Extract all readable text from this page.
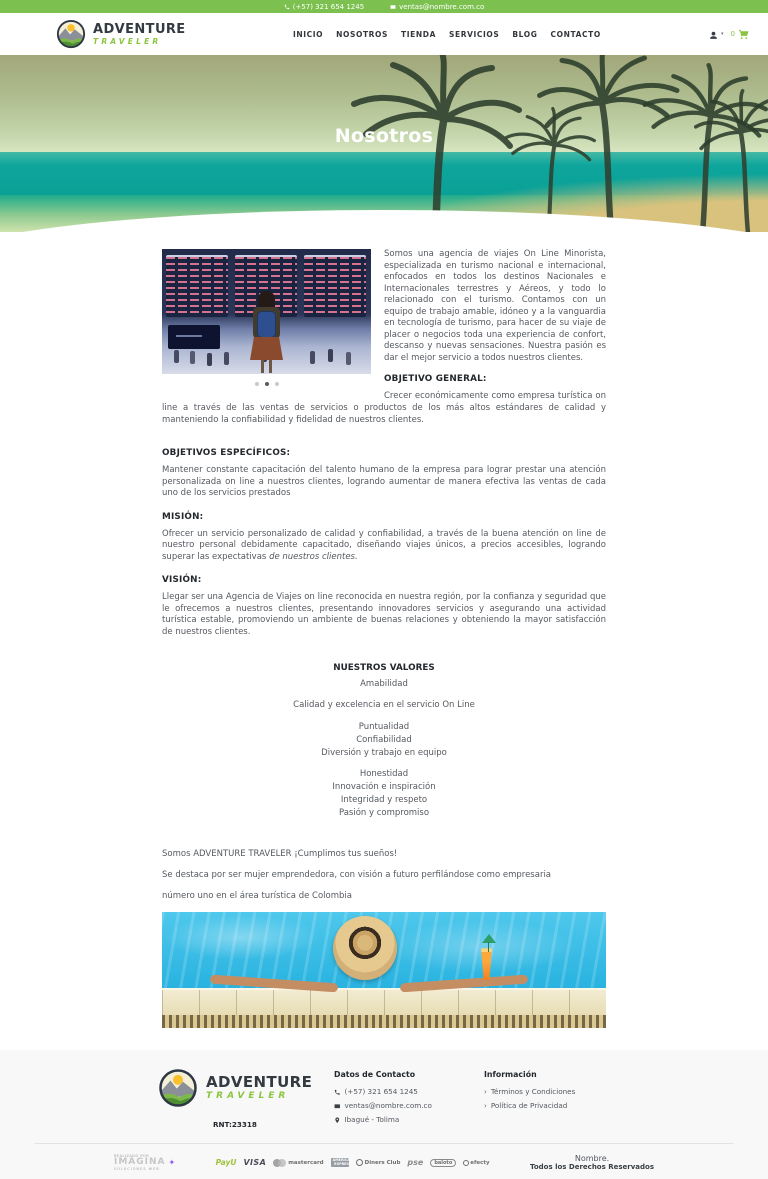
(+57) 321 654 1245	ventas@nombre.com.co
ADVENTURE
TRAVELER
INICIO NOSOTROS TIENDA SERVICIOS BLOG CONTACTO	▾ 0
Nosotros

Somos una agencia de viajes On Line Minorista, especializada en turismo nacional e internacional, enfocados en todos los destinos Nacionales e Internacionales terrestres y Aéreos, y todo lo relacionado con el turismo. Contamos con un equipo de trabajo amable, idóneo y a la vanguardia en tecnología de turismo, para hacer de su viaje de placer o negocios toda una experiencia de confort, descanso y nuevas sensaciones. Nuestra pasión es dar el mejor servicio a todos nuestros clientes.

OBJETIVO GENERAL:

Crecer económicamente como empresa turística on line a través de las ventas de servicios o productos de los más altos estándares de calidad y manteniendo la confiabilidad y fidelidad de nuestros clientes.

OBJETIVOS ESPECÍFICOS:

Mantener constante capacitación del talento humano de la empresa para lograr prestar una atención personalizada on line a nuestros clientes, logrando aumentar de manera efectiva las ventas de cada uno de los servicios prestados

MISIÓN:

Ofrecer un servicio personalizado de calidad y confiabilidad, a través de la buena atención on line de nuestro personal debidamente capacitado, diseñando viajes únicos, a precios accesibles, logrando superar las expectativas de nuestros clientes.

VISIÓN:

Llegar ser una Agencia de Viajes on line reconocida en nuestra región, por la confianza y seguridad que le ofrecemos a nuestros clientes, presentando innovadores servicios y asegurando una actividad turística estable, promoviendo un ambiente de buenas relaciones y obteniendo la mayor satisfacción de nuestros clientes.

NUESTROS VALORES
Amabilidad
Calidad y excelencia en el servicio On Line
Puntualidad
Confiabilidad
Diversión y trabajo en equipo
Honestidad
Innovación e inspiración
Integridad y respeto
Pasión y compromiso

Somos ADVENTURE TRAVELER ¡Cumplimos tus sueños!

Se destaca por ser mujer emprendedora, con visión a futuro perfilándose como empresaria

número uno en el área turística de Colombia

ADVENTURE
TRAVELER
RNT:23318
Datos de Contacto
(+57) 321 654 1245
ventas@nombre.com.co
Ibagué - Tolima
Información
› Términos y Condiciones
› Política de Privacidad
REALIZADO POR
IMAGINA
SOLUCIONES WEB
✦	PayU VISA	mastercard	AMERICAN EXPRESS Diners Club pse	baloto	efecty	Nombre.
Todos los Derechos Reservados
